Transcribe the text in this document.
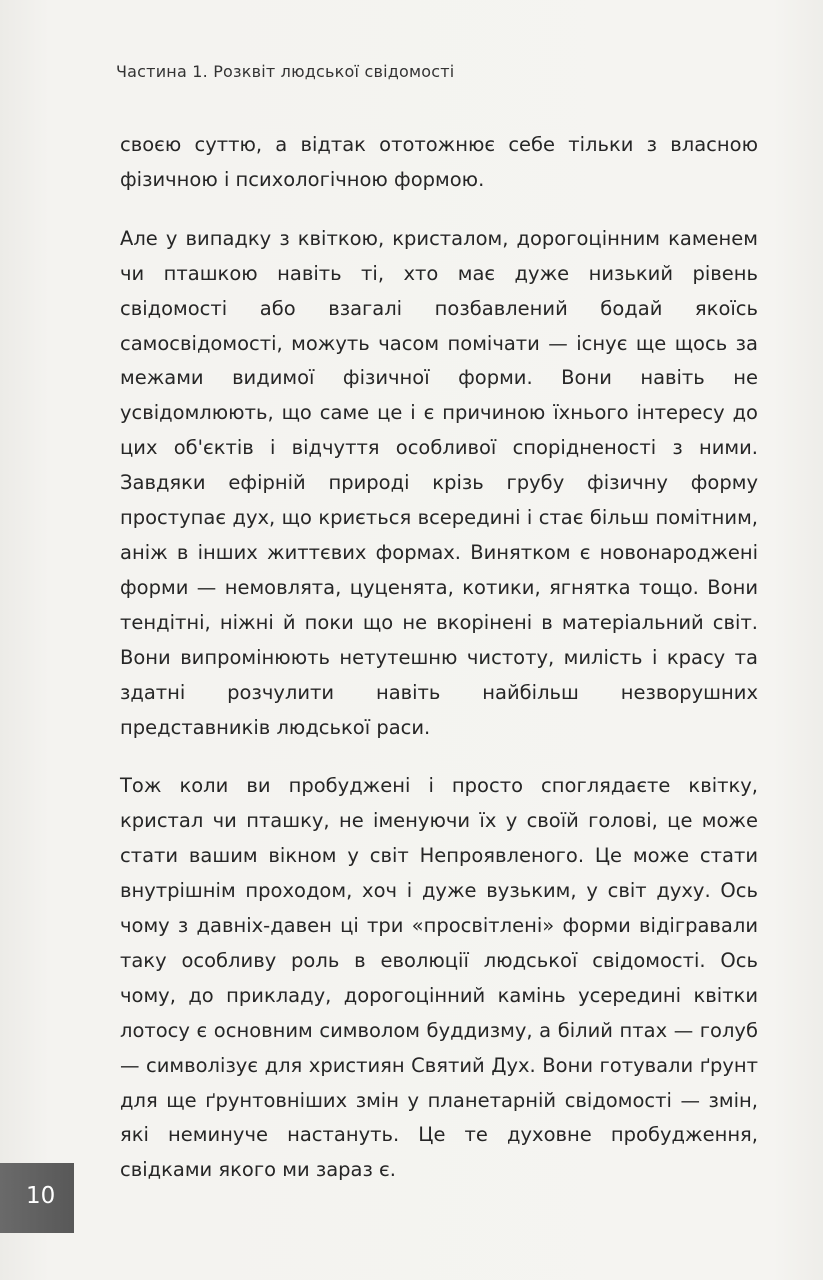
Частина 1. Розквіт людської свідомості

своєю суттю, а відтак ототожнює себе тільки з власною фізичною і психологічною формою.

Але у випадку з квіткою, кристалом, дорогоцінним каменем чи пташкою навіть ті, хто має дуже низький рівень свідомості або взагалі позбавлений бодай якоїсь самосвідомості, можуть часом помічати — існує ще щось за межами видимої фізичної форми. Вони навіть не усвідомлюють, що саме це і є причиною їхнього інтересу до цих об'єктів і відчуття особливої спорідненості з ними. Завдяки ефірній природі крізь грубу фізичну форму проступає дух, що криється всередині і стає більш помітним, аніж в інших життєвих формах. Винятком є новонароджені форми — немовлята, цуценята, котики, ягнятка тощо. Вони тендітні, ніжні й поки що не вкорінені в матеріальний світ. Вони випромінюють нетутешню чистоту, милість і красу та здатні розчулити навіть найбільш незворушних представників людської раси.

Тож коли ви пробуджені і просто споглядаєте квітку, кристал чи пташку, не іменуючи їх у своїй голові, це може стати вашим вікном у світ Непроявленого. Це може стати внутрішнім проходом, хоч і дуже вузьким, у світ духу. Ось чому з давніх-давен ці три «просвітлені» форми відігравали таку особливу роль в еволюції людської свідомості. Ось чому, до прикладу, дорогоцінний камінь усередині квітки лотосу є основним символом буддизму, а білий птах — голуб — символізує для християн Святий Дух. Вони готували ґрунт для ще ґрунтовніших змін у планетарній свідомості — змін, які неминуче настануть. Це те духовне пробудження, свідками якого ми зараз є.

10
